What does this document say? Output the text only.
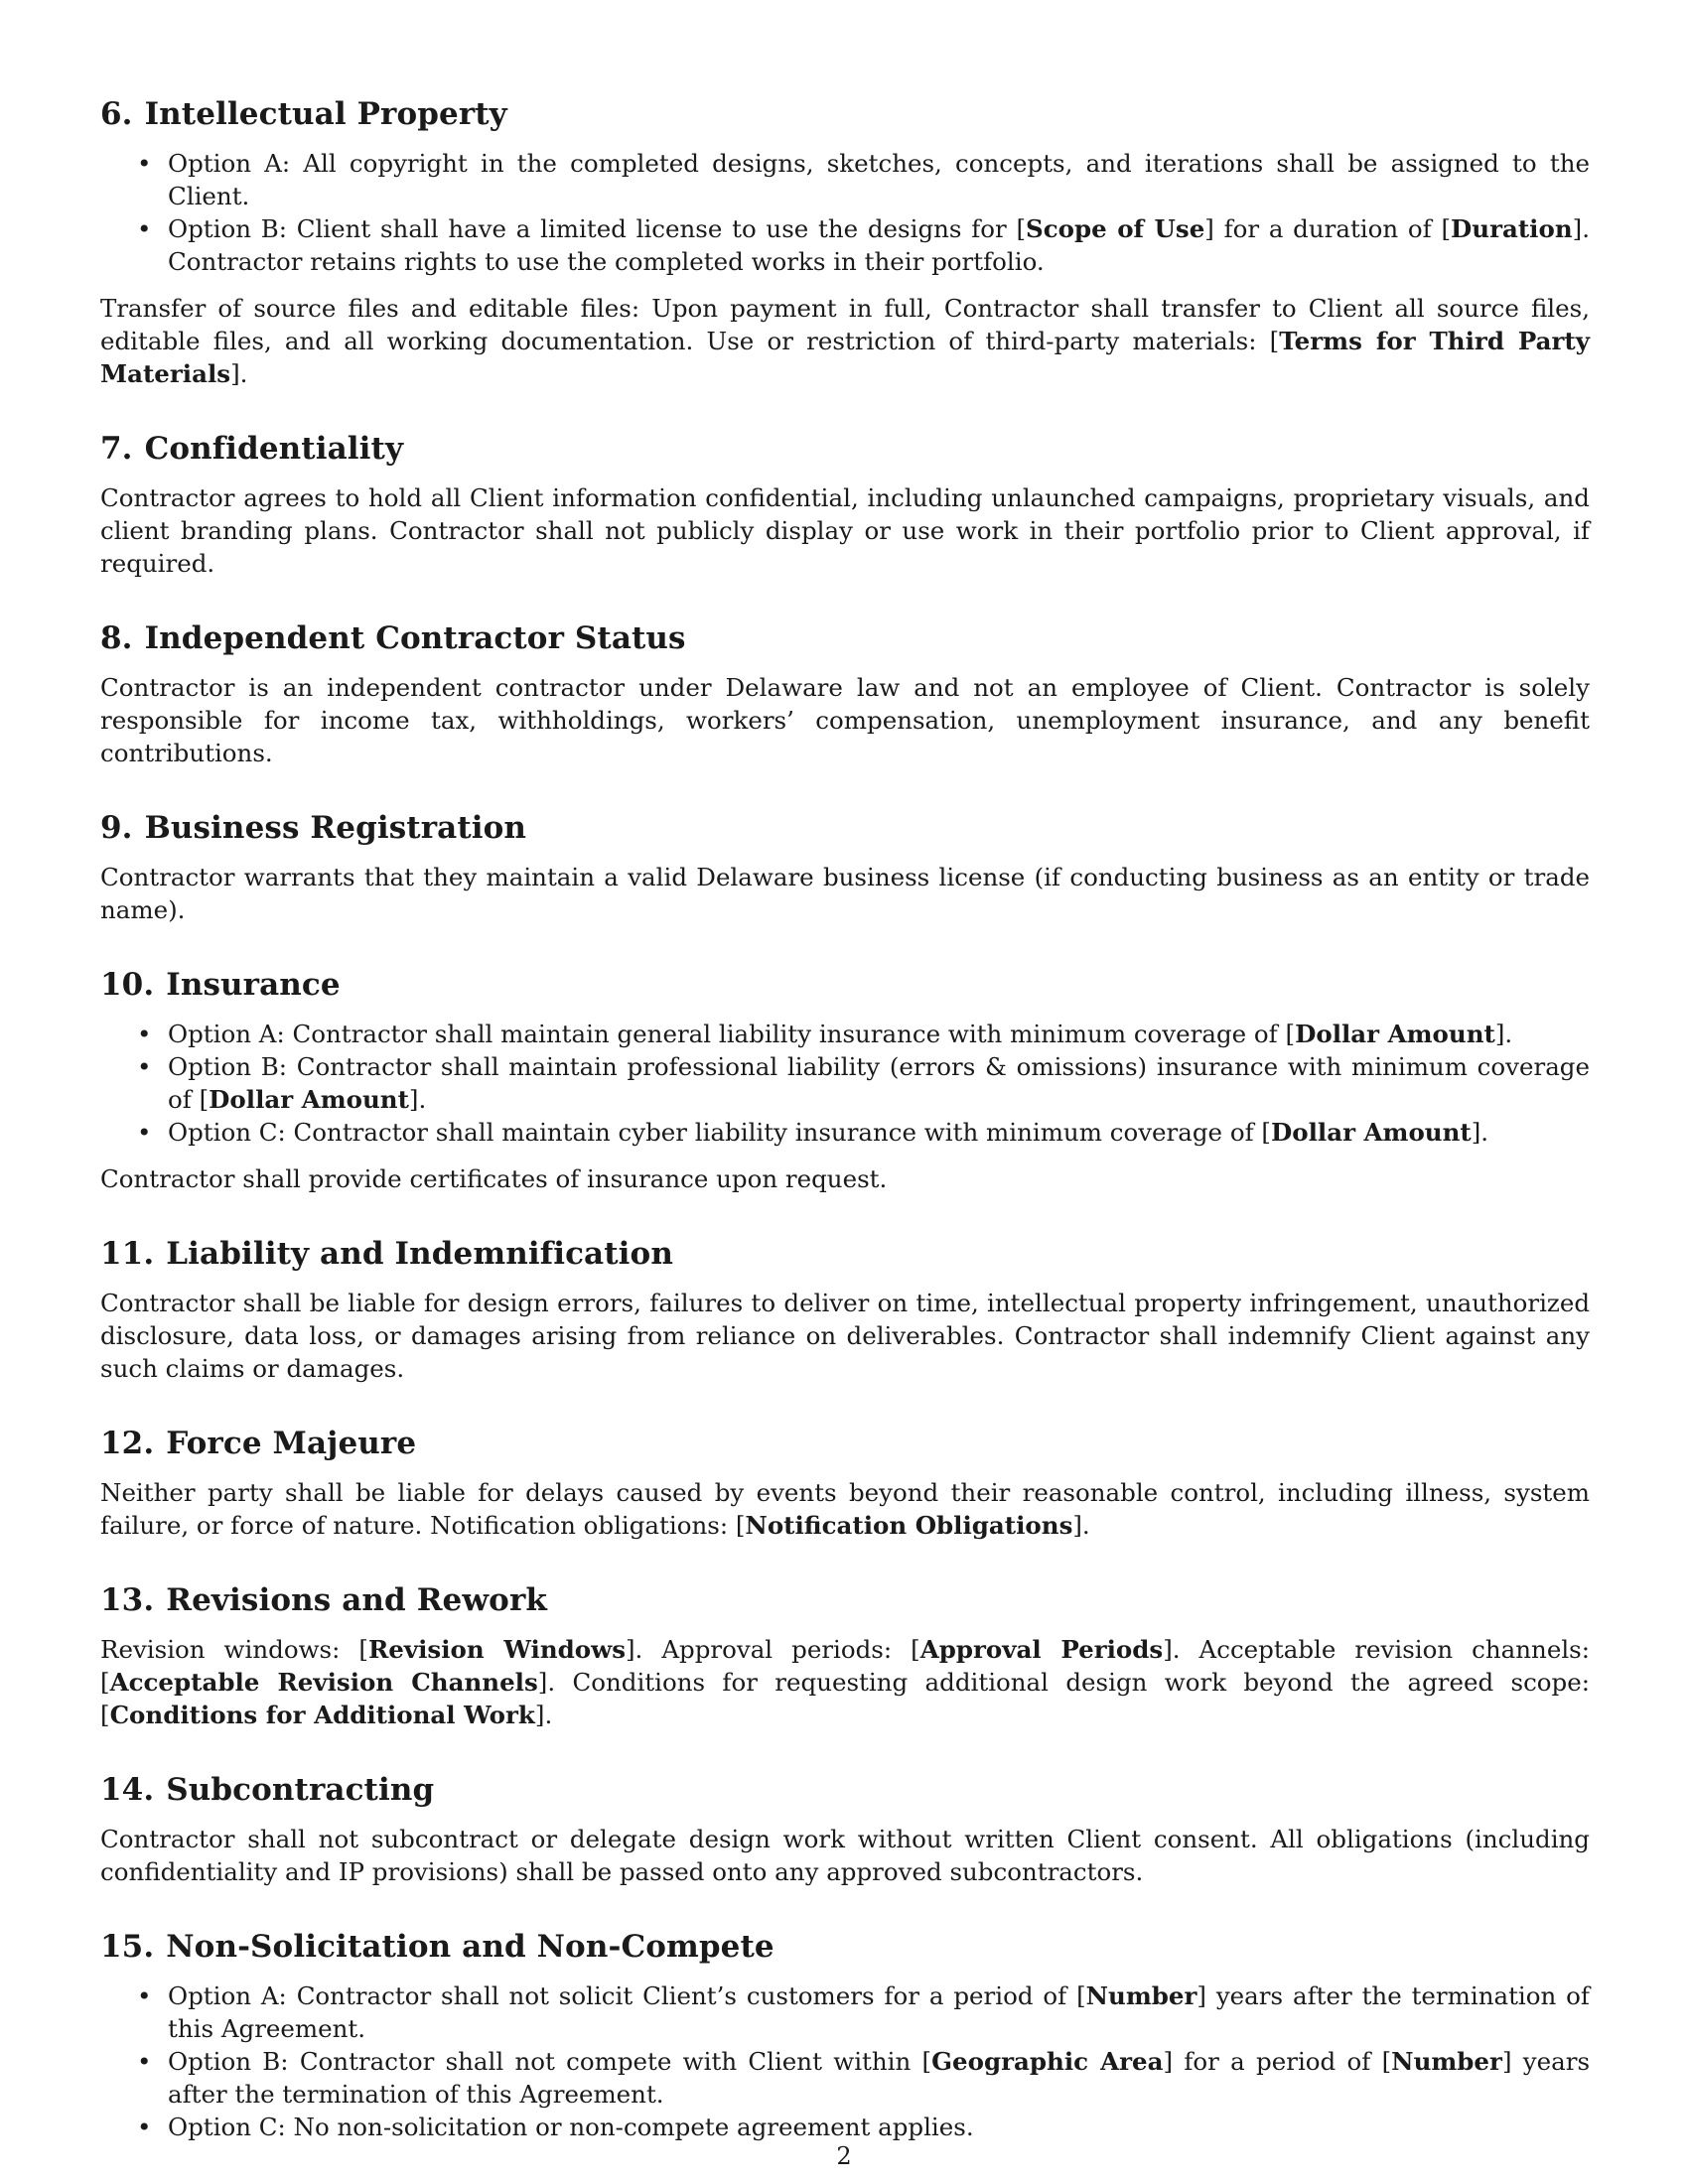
6. Intellectual Property
• Option A: All copyright in the completed designs, sketches, concepts, and iterations shall be assigned to the Client.
• Option B: Client shall have a limited license to use the designs for [Scope of Use] for a duration of [Duration]. Contractor retains rights to use the completed works in their portfolio.

Transfer of source files and editable files: Upon payment in full, Contractor shall transfer to Client all source files, editable files, and all working documentation. Use or restriction of third-party materials: [Terms for Third Party Materials].

7. Confidentiality

Contractor agrees to hold all Client information confidential, including unlaunched campaigns, proprietary visuals, and client branding plans. Contractor shall not publicly display or use work in their portfolio prior to Client approval, if required.

8. Independent Contractor Status

Contractor is an independent contractor under Delaware law and not an employee of Client. Contractor is solely responsible for income tax, withholdings, workers’ compensation, unemployment insurance, and any benefit contributions.

9. Business Registration

Contractor warrants that they maintain a valid Delaware business license (if conducting business as an entity or trade name).

10. Insurance
• Option A: Contractor shall maintain general liability insurance with minimum coverage of [Dollar Amount].
• Option B: Contractor shall maintain professional liability (errors & omissions) insurance with minimum coverage of [Dollar Amount].
• Option C: Contractor shall maintain cyber liability insurance with minimum coverage of [Dollar Amount].

Contractor shall provide certificates of insurance upon request.

11. Liability and Indemnification

Contractor shall be liable for design errors, failures to deliver on time, intellectual property infringement, unauthorized disclosure, data loss, or damages arising from reliance on deliverables. Contractor shall indemnify Client against any such claims or damages.

12. Force Majeure

Neither party shall be liable for delays caused by events beyond their reasonable control, including illness, system failure, or force of nature. Notification obligations: [Notification Obligations].

13. Revisions and Rework

Revision windows: [Revision Windows]. Approval periods: [Approval Periods]. Acceptable revision channels: [Acceptable Revision Channels]. Conditions for requesting additional design work beyond the agreed scope: [Conditions for Additional Work].

14. Subcontracting

Contractor shall not subcontract or delegate design work without written Client consent. All obligations (including confidentiality and IP provisions) shall be passed onto any approved subcontractors.

15. Non-Solicitation and Non-Compete
• Option A: Contractor shall not solicit Client’s customers for a period of [Number] years after the termination of this Agreement.
• Option B: Contractor shall not compete with Client within [Geographic Area] for a period of [Number] years after the termination of this Agreement.
• Option C: No non-solicitation or non-compete agreement applies.
2
